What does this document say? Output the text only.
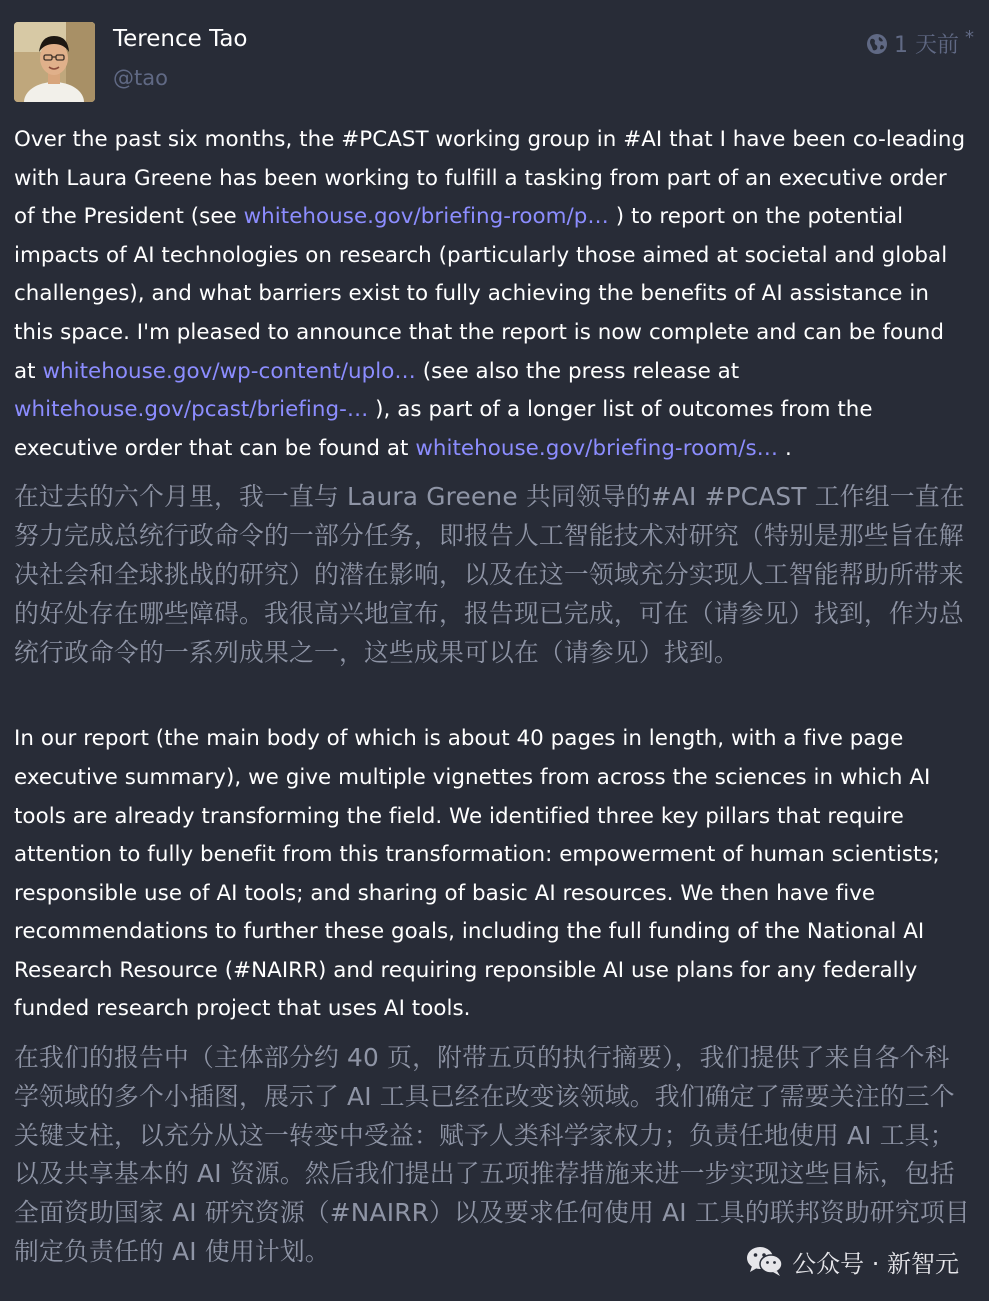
Terence Tao
@tao
1 天前 *

Over the past six months, the #PCAST working group in #AI that I have been co-leading with Laura Greene has been working to fulfill a tasking from part of an executive order of the President (see whitehouse.gov/briefing-room/p… ) to report on the potential impacts of AI technologies on research (particularly those aimed at societal and global challenges), and what barriers exist to fully achieving the benefits of AI assistance in this space. I'm pleased to announce that the report is now complete and can be found at whitehouse.gov/wp-content/uplo… (see also the press release at whitehouse.gov/pcast/briefing-… ), as part of a longer list of outcomes from the executive order that can be found at whitehouse.gov/briefing-room/s… .

在过去的六个月里，我一直与 Laura Greene 共同领导的#AI #PCAST 工作组一直在努力完成总统行政命令的一部分任务，即报告人工智能技术对研究（特别是那些旨在解决社会和全球挑战的研究）的潜在影响，以及在这一领域充分实现人工智能帮助所带来的好处存在哪些障碍。我很高兴地宣布，报告现已完成，可在（请参见）找到，作为总统行政命令的一系列成果之一，这些成果可以在（请参见）找到。

In our report (the main body of which is about 40 pages in length, with a five page executive summary), we give multiple vignettes from across the sciences in which AI tools are already transforming the field. We identified three key pillars that require attention to fully benefit from this transformation: empowerment of human scientists; responsible use of AI tools; and sharing of basic AI resources. We then have five recommendations to further these goals, including the full funding of the National AI Research Resource (#NAIRR) and requiring reponsible AI use plans for any federally funded research project that uses AI tools.

在我们的报告中（主体部分约 40 页，附带五页的执行摘要），我们提供了来自各个科学领域的多个小插图，展示了 AI 工具已经在改变该领域。我们确定了需要关注的三个关键支柱，以充分从这一转变中受益：赋予人类科学家权力；负责任地使用 AI 工具；以及共享基本的 AI 资源。然后我们提出了五项推荐措施来进一步实现这些目标，包括全面资助国家 AI 研究资源（#NAIRR）以及要求任何使用 AI 工具的联邦资助研究项目制定负责任的 AI 使用计划。	公众号 · 新智元
